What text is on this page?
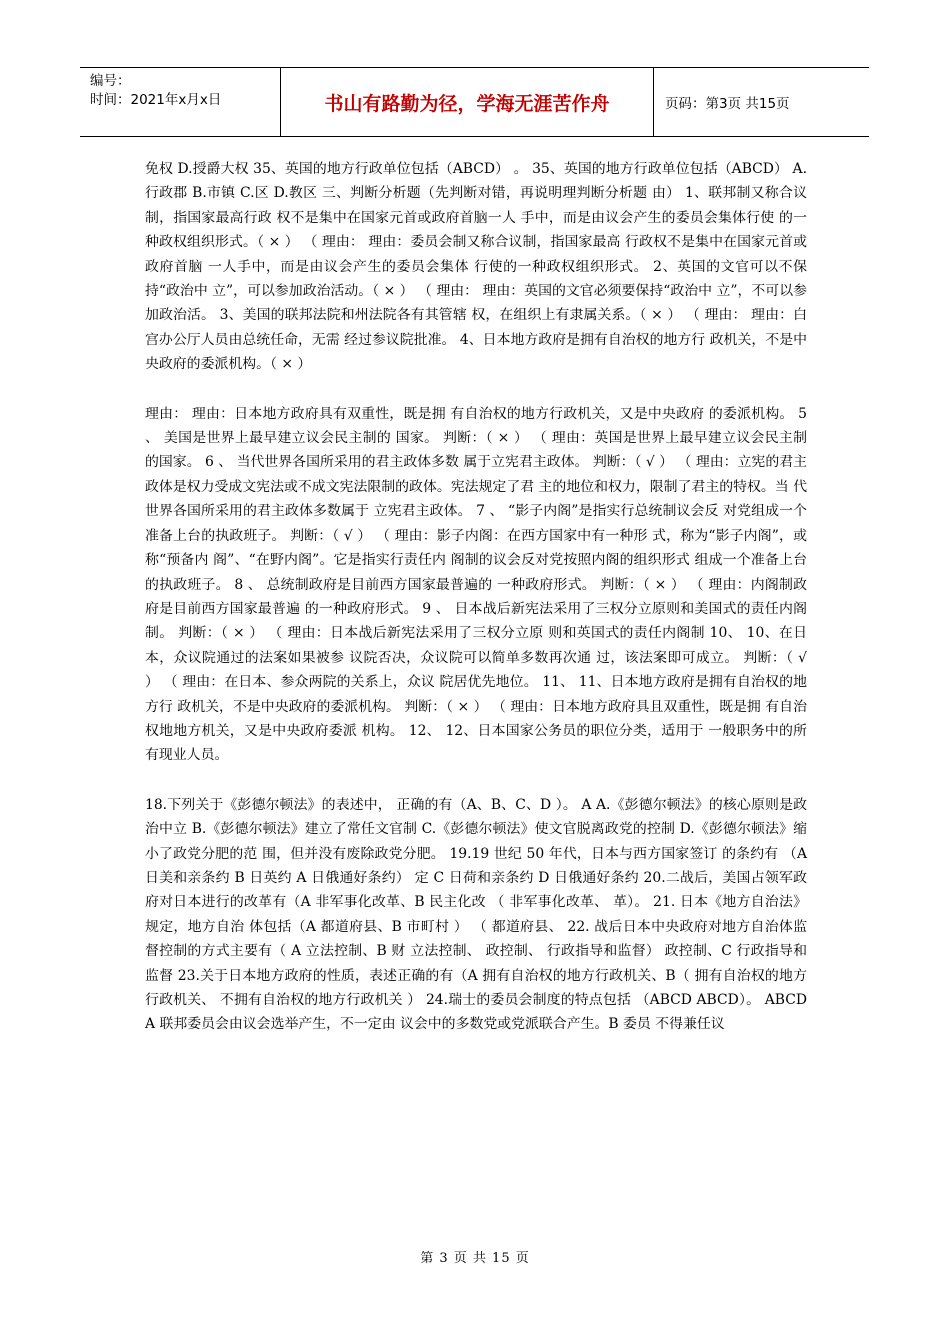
编号：
时间：2021年x月x日	书山有路勤为径，学海无涯苦作舟	页码：第3页 共15页

免权 D.授爵大权 35、英国的地方行政单位包括（ABCD） 。 35、英国的地方行政单位包括（ABCD） A.行政郡 B.市镇 C.区 D.教区 三、判断分析题（先判断对错，再说明理判断分析题 由） 1、联邦制又称合议制，指国家最高行政 权不是集中在国家元首或政府首脑一人 手中，而是由议会产生的委员会集体行使 的一种政权组织形式。（ × ） （ 理由： 理由：委员会制又称合议制，指国家最高 行政权不是集中在国家元首或政府首脑 一人手中，而是由议会产生的委员会集体 行使的一种政权组织形式。 2、英国的文官可以不保持“政治中 立”，可以参加政治活动。（ × ） （ 理由： 理由：英国的文官必须要保持“政治中 立”，不可以参加政治活。 3、美国的联邦法院和州法院各有其管辖 权，在组织上有隶属关系。（ × ） （ 理由： 理由：白宫办公厅人员由总统任命，无需 经过参议院批准。 4、日本地方政府是拥有自治权的地方行 政机关，不是中央政府的委派机构。（ × ）

理由： 理由：日本地方政府具有双重性，既是拥 有自治权的地方行政机关，又是中央政府 的委派机构。 5 、 美国是世界上最早建立议会民主制的 国家。 判断：（ × ） （ 理由：英国是世界上最早建立议会民主制 的国家。 6 、 当代世界各国所采用的君主政体多数 属于立宪君主政体。 判断：（ √ ） （ 理由：立宪的君主政体是权力受成文宪法或不成文宪法限制的政体。宪法规定了君 主的地位和权力，限制了君主的特权。当 代世界各国所采用的君主政体多数属于 立宪君主政体。 7 、 “影子内阁”是指实行总统制议会反 对党组成一个准备上台的执政班子。 判断：（ √ ） （ 理由：影子内阁：在西方国家中有一种形 式，称为“影子内阁”，或称“预备内 阁”、“在野内阁”。它是指实行责任内 阁制的议会反对党按照内阁的组织形式 组成一个准备上台的执政班子。 8 、 总统制政府是目前西方国家最普遍的 一种政府形式。 判断：（ × ） （ 理由：内阁制政府是目前西方国家最普遍 的一种政府形式。 9 、 日本战后新宪法采用了三权分立原则和美国式的责任内阁制。 判断：（ × ） （ 理由：日本战后新宪法采用了三权分立原 则和英国式的责任内阁制 10、 10、在日本，众议院通过的法案如果被参 议院否决，众议院可以简单多数再次通 过，该法案即可成立。 判断：（ √ ） （ 理由：在日本、参众两院的关系上，众议 院居优先地位。 11、 11、日本地方政府是拥有自治权的地方行 政机关，不是中央政府的委派机构。 判断：（ × ） （ 理由：日本地方政府具且双重性，既是拥 有自治权地地方机关，又是中央政府委派 机构。 12、 12、日本国家公务员的职位分类，适用于 一般职务中的所有现业人员。

18.下列关于《彭德尔顿法》的表述中， 正确的有（A、B、C、D ）。 A A.《彭德尔顿法》的核心原则是政治中立 B.《彭德尔顿法》建立了常任文官制 C.《彭德尔顿法》使文官脱离政党的控制 D.《彭德尔顿法》缩小了政党分肥的范 围，但并没有废除政党分肥。 19.19 世纪 50 年代，日本与西方国家签订 的条约有 （A 日美和亲条约 B 日英约 A 日俄通好条约） 定 C 日荷和亲条约 D 日俄通好条约 20.二战后，美国占领军政府对日本进行的改革有（A 非军事化改革、B 民主化改 （ 非军事化改革、 革）。 21. 日本《地方自治法》规定，地方自治 体包括（A 都道府县、B 市町村 ） （ 都道府县、 22. 战后日本中央政府对地方自治体监 督控制的方式主要有（ A 立法控制、B 财 立法控制、 政控制、 行政指导和监督） 政控制、C 行政指导和监督 23.关于日本地方政府的性质，表述正确的有（A 拥有自治权的地方行政机关、B（ 拥有自治权的地方行政机关、 不拥有自治权的地方行政机关 ） 24.瑞士的委员会制度的特点包括 （ABCD ABCD）。 ABCD A 联邦委员会由议会选举产生，不一定由 议会中的多数党或党派联合产生。B 委员 不得兼任议

第 3 页 共 15 页
